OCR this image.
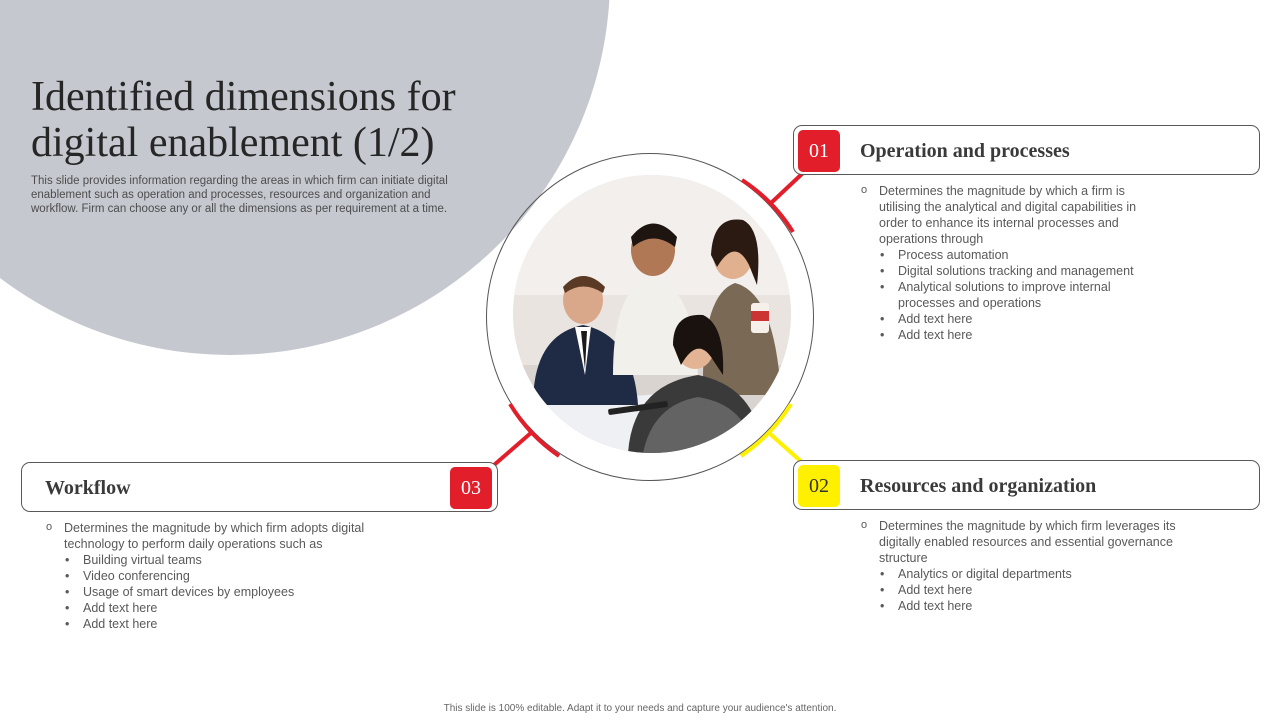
Identified dimensions for digital enablement (1/2)

This slide provides information regarding the areas in which firm can initiate digital enablement such as operation and processes, resources and organization and workflow. Firm can choose any or all the dimensions as per requirement at a time.

01	Operation and processes

o Determines the magnitude by which a firm is utilising the analytical and digital capabilities in order to enhance its internal processes and operations through

• Process automation
• Digital solutions tracking and management
• Analytical solutions to improve internal processes and operations
• Add text here
• Add text here
02	Resources and organization

o Determines the magnitude by which firm leverages its digitally enabled resources and essential governance structure

• Analytics or digital departments
• Add text here
• Add text here
Workflow	03

o Determines the magnitude by which firm adopts digital technology to perform daily operations such as

• Building virtual teams
• Video conferencing
• Usage of smart devices by employees
• Add text here
• Add text here
This slide is 100% editable. Adapt it to your needs and capture your audience's attention.
